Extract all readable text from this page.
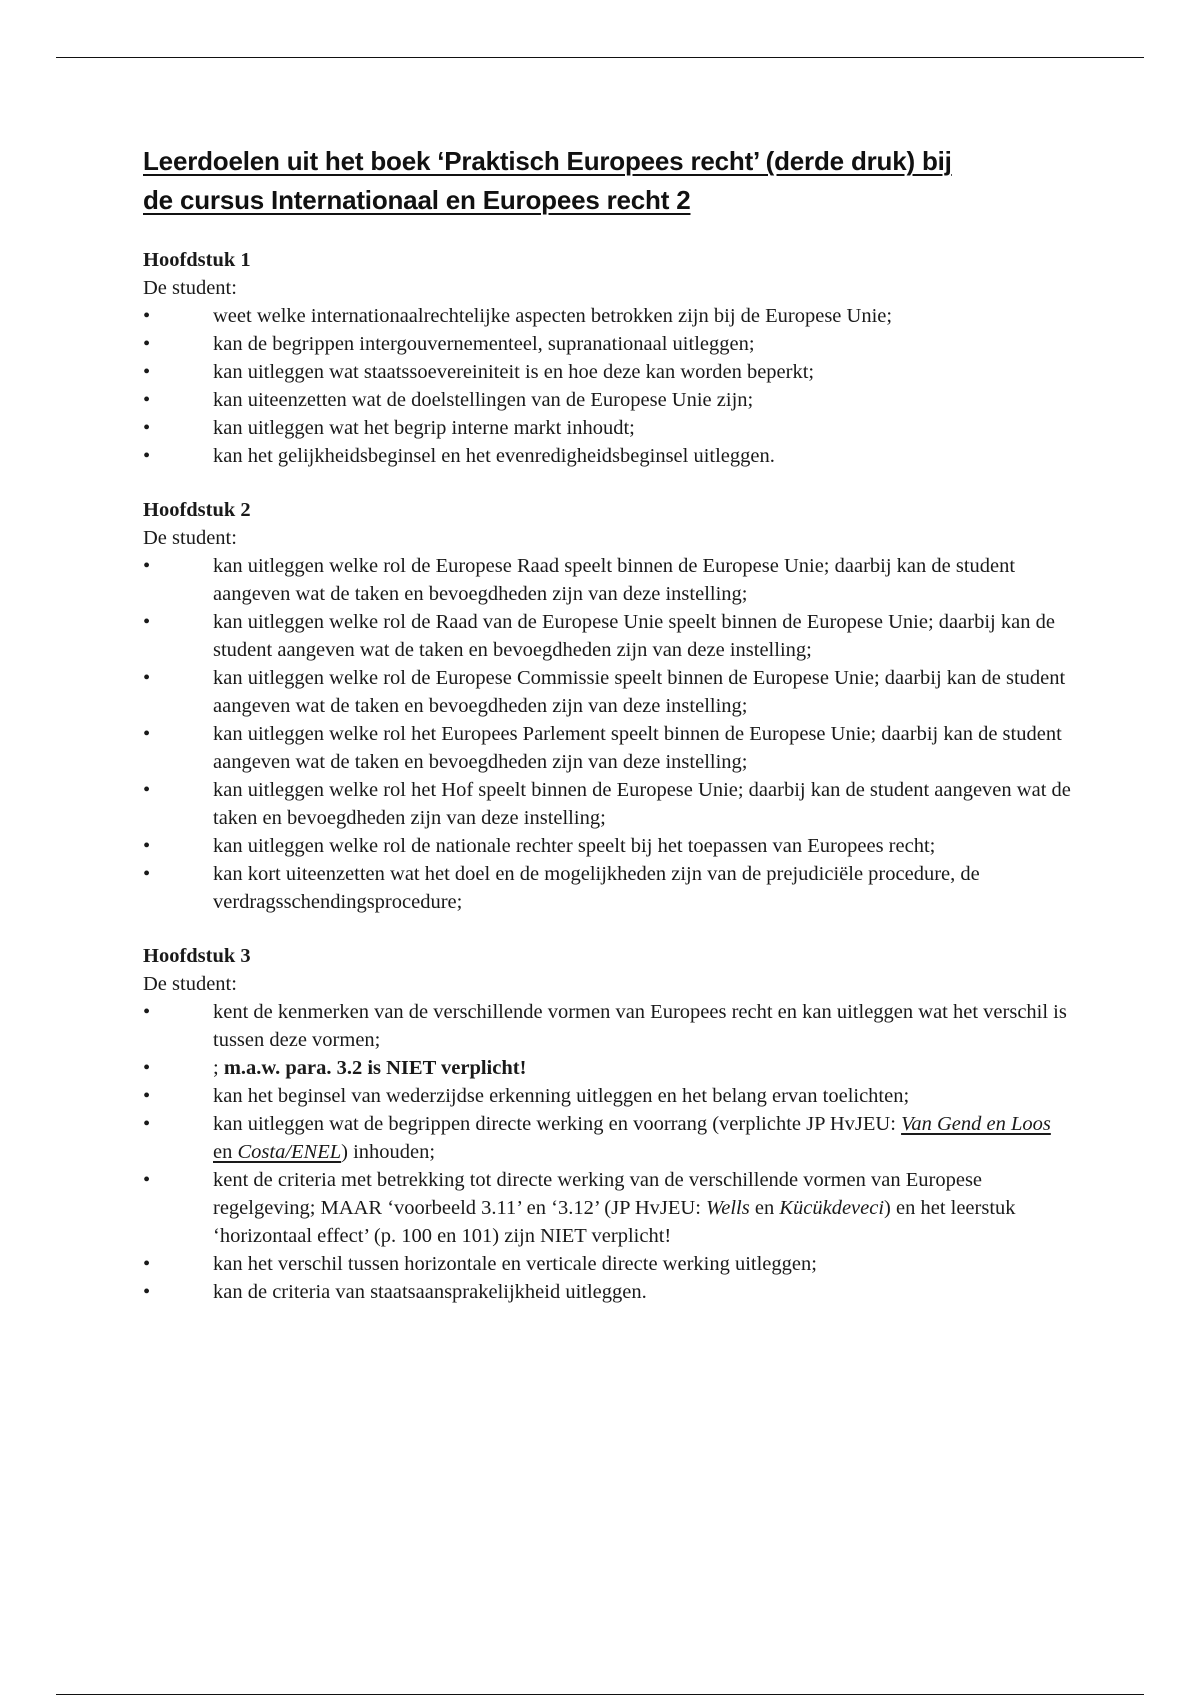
Leerdoelen uit het boek ‘Praktisch Europees recht’ (derde druk) bij
de cursus Internationaal en Europees recht 2

Hoofdstuk 1

De student:

•	weet welke internationaalrechtelijke aspecten betrokken zijn bij de Europese Unie;
•	kan de begrippen intergouvernementeel, supranationaal uitleggen;
•	kan uitleggen wat staatssoevereiniteit is en hoe deze kan worden beperkt;
•	kan uiteenzetten wat de doelstellingen van de Europese Unie zijn;
•	kan uitleggen wat het begrip interne markt inhoudt;
•	kan het gelijkheidsbeginsel en het evenredigheidsbeginsel uitleggen.

Hoofdstuk 2

De student:

•	kan uitleggen welke rol de Europese Raad speelt binnen de Europese Unie; daarbij kan de student aangeven wat de taken en bevoegdheden zijn van deze instelling;
•	kan uitleggen welke rol de Raad van de Europese Unie speelt binnen de Europese Unie; daarbij kan de student aangeven wat de taken en bevoegdheden zijn van deze instelling;
•	kan uitleggen welke rol de Europese Commissie speelt binnen de Europese Unie; daarbij kan de student aangeven wat de taken en bevoegdheden zijn van deze instelling;
•	kan uitleggen welke rol het Europees Parlement speelt binnen de Europese Unie; daarbij kan de student aangeven wat de taken en bevoegdheden zijn van deze instelling;
•	kan uitleggen welke rol het Hof speelt binnen de Europese Unie; daarbij kan de student aangeven wat de taken en bevoegdheden zijn van deze instelling;
•	kan uitleggen welke rol de nationale rechter speelt bij het toepassen van Europees recht;
•	kan kort uiteenzetten wat het doel en de mogelijkheden zijn van de prejudiciële procedure, de verdragsschendingsprocedure;

Hoofdstuk 3

De student:

•	kent de kenmerken van de verschillende vormen van Europees recht en kan uitleggen wat het verschil is tussen deze vormen;
•	; m.a.w. para. 3.2 is NIET verplicht!
•	kan het beginsel van wederzijdse erkenning uitleggen en het belang ervan toelichten;
•	kan uitleggen wat de begrippen directe werking en voorrang (verplichte JP HvJEU: Van Gend en Loos en Costa/ENEL) inhouden;
•	kent de criteria met betrekking tot directe werking van de verschillende vormen van Europese regelgeving; MAAR ‘voorbeeld 3.11’ en ‘3.12’ (JP HvJEU: Wells en Kücükdeveci) en het leerstuk ‘horizontaal effect’ (p. 100 en 101) zijn NIET verplicht!
•	kan het verschil tussen horizontale en verticale directe werking uitleggen;
•	kan de criteria van staatsaansprakelijkheid uitleggen.
